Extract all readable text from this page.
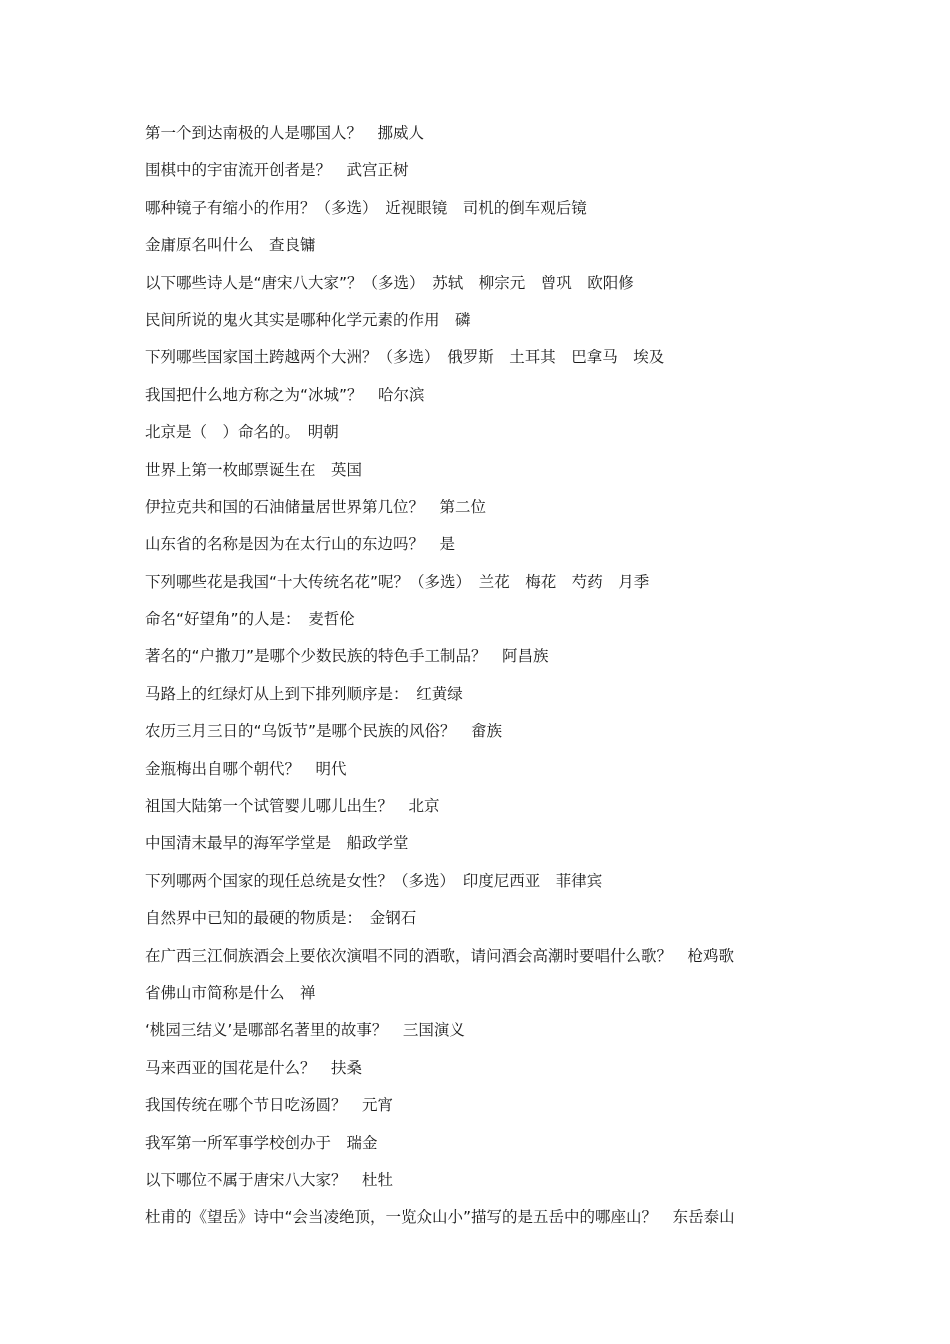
第一个到达南极的人是哪国人？　挪威人
围棋中的宇宙流开创者是？　武宫正树
哪种镜子有缩小的作用？（多选）　近视眼镜　司机的倒车观后镜
金庸原名叫什么　查良镛
以下哪些诗人是“唐宋八大家”？（多选）　苏轼　柳宗元　曾巩　欧阳修
民间所说的鬼火其实是哪种化学元素的作用　磷
下列哪些国家国土跨越两个大洲？（多选）　俄罗斯　土耳其　巴拿马　埃及
我国把什么地方称之为“冰城”？　哈尔滨
北京是（　）命名的。　明朝
世界上第一枚邮票诞生在　英国
伊拉克共和国的石油储量居世界第几位？　第二位
山东省的名称是因为在太行山的东边吗？　是
下列哪些花是我国“十大传统名花”呢？（多选）　兰花　梅花　芍药　月季
命名“好望角”的人是：　麦哲伦
著名的“户撒刀”是哪个少数民族的特色手工制品？　阿昌族
马路上的红绿灯从上到下排列顺序是：　红黄绿
农历三月三日的“乌饭节”是哪个民族的风俗？　畲族
金瓶梅出自哪个朝代？　明代
祖国大陆第一个试管婴儿哪儿出生？　北京
中国清末最早的海军学堂是　船政学堂
下列哪两个国家的现任总统是女性？（多选）　印度尼西亚　菲律宾
自然界中已知的最硬的物质是：　金钢石
在广西三江侗族酒会上要依次演唱不同的酒歌，请问酒会高潮时要唱什么歌？　枪鸡歌
省佛山市简称是什么　禅
‘桃园三结义’是哪部名著里的故事？　三国演义
马来西亚的国花是什么？　扶桑
我国传统在哪个节日吃汤圆？　元宵
我军第一所军事学校创办于　瑞金
以下哪位不属于唐宋八大家？　杜牡
杜甫的《望岳》诗中“会当凌绝顶，一览众山小”描写的是五岳中的哪座山？　东岳泰山
